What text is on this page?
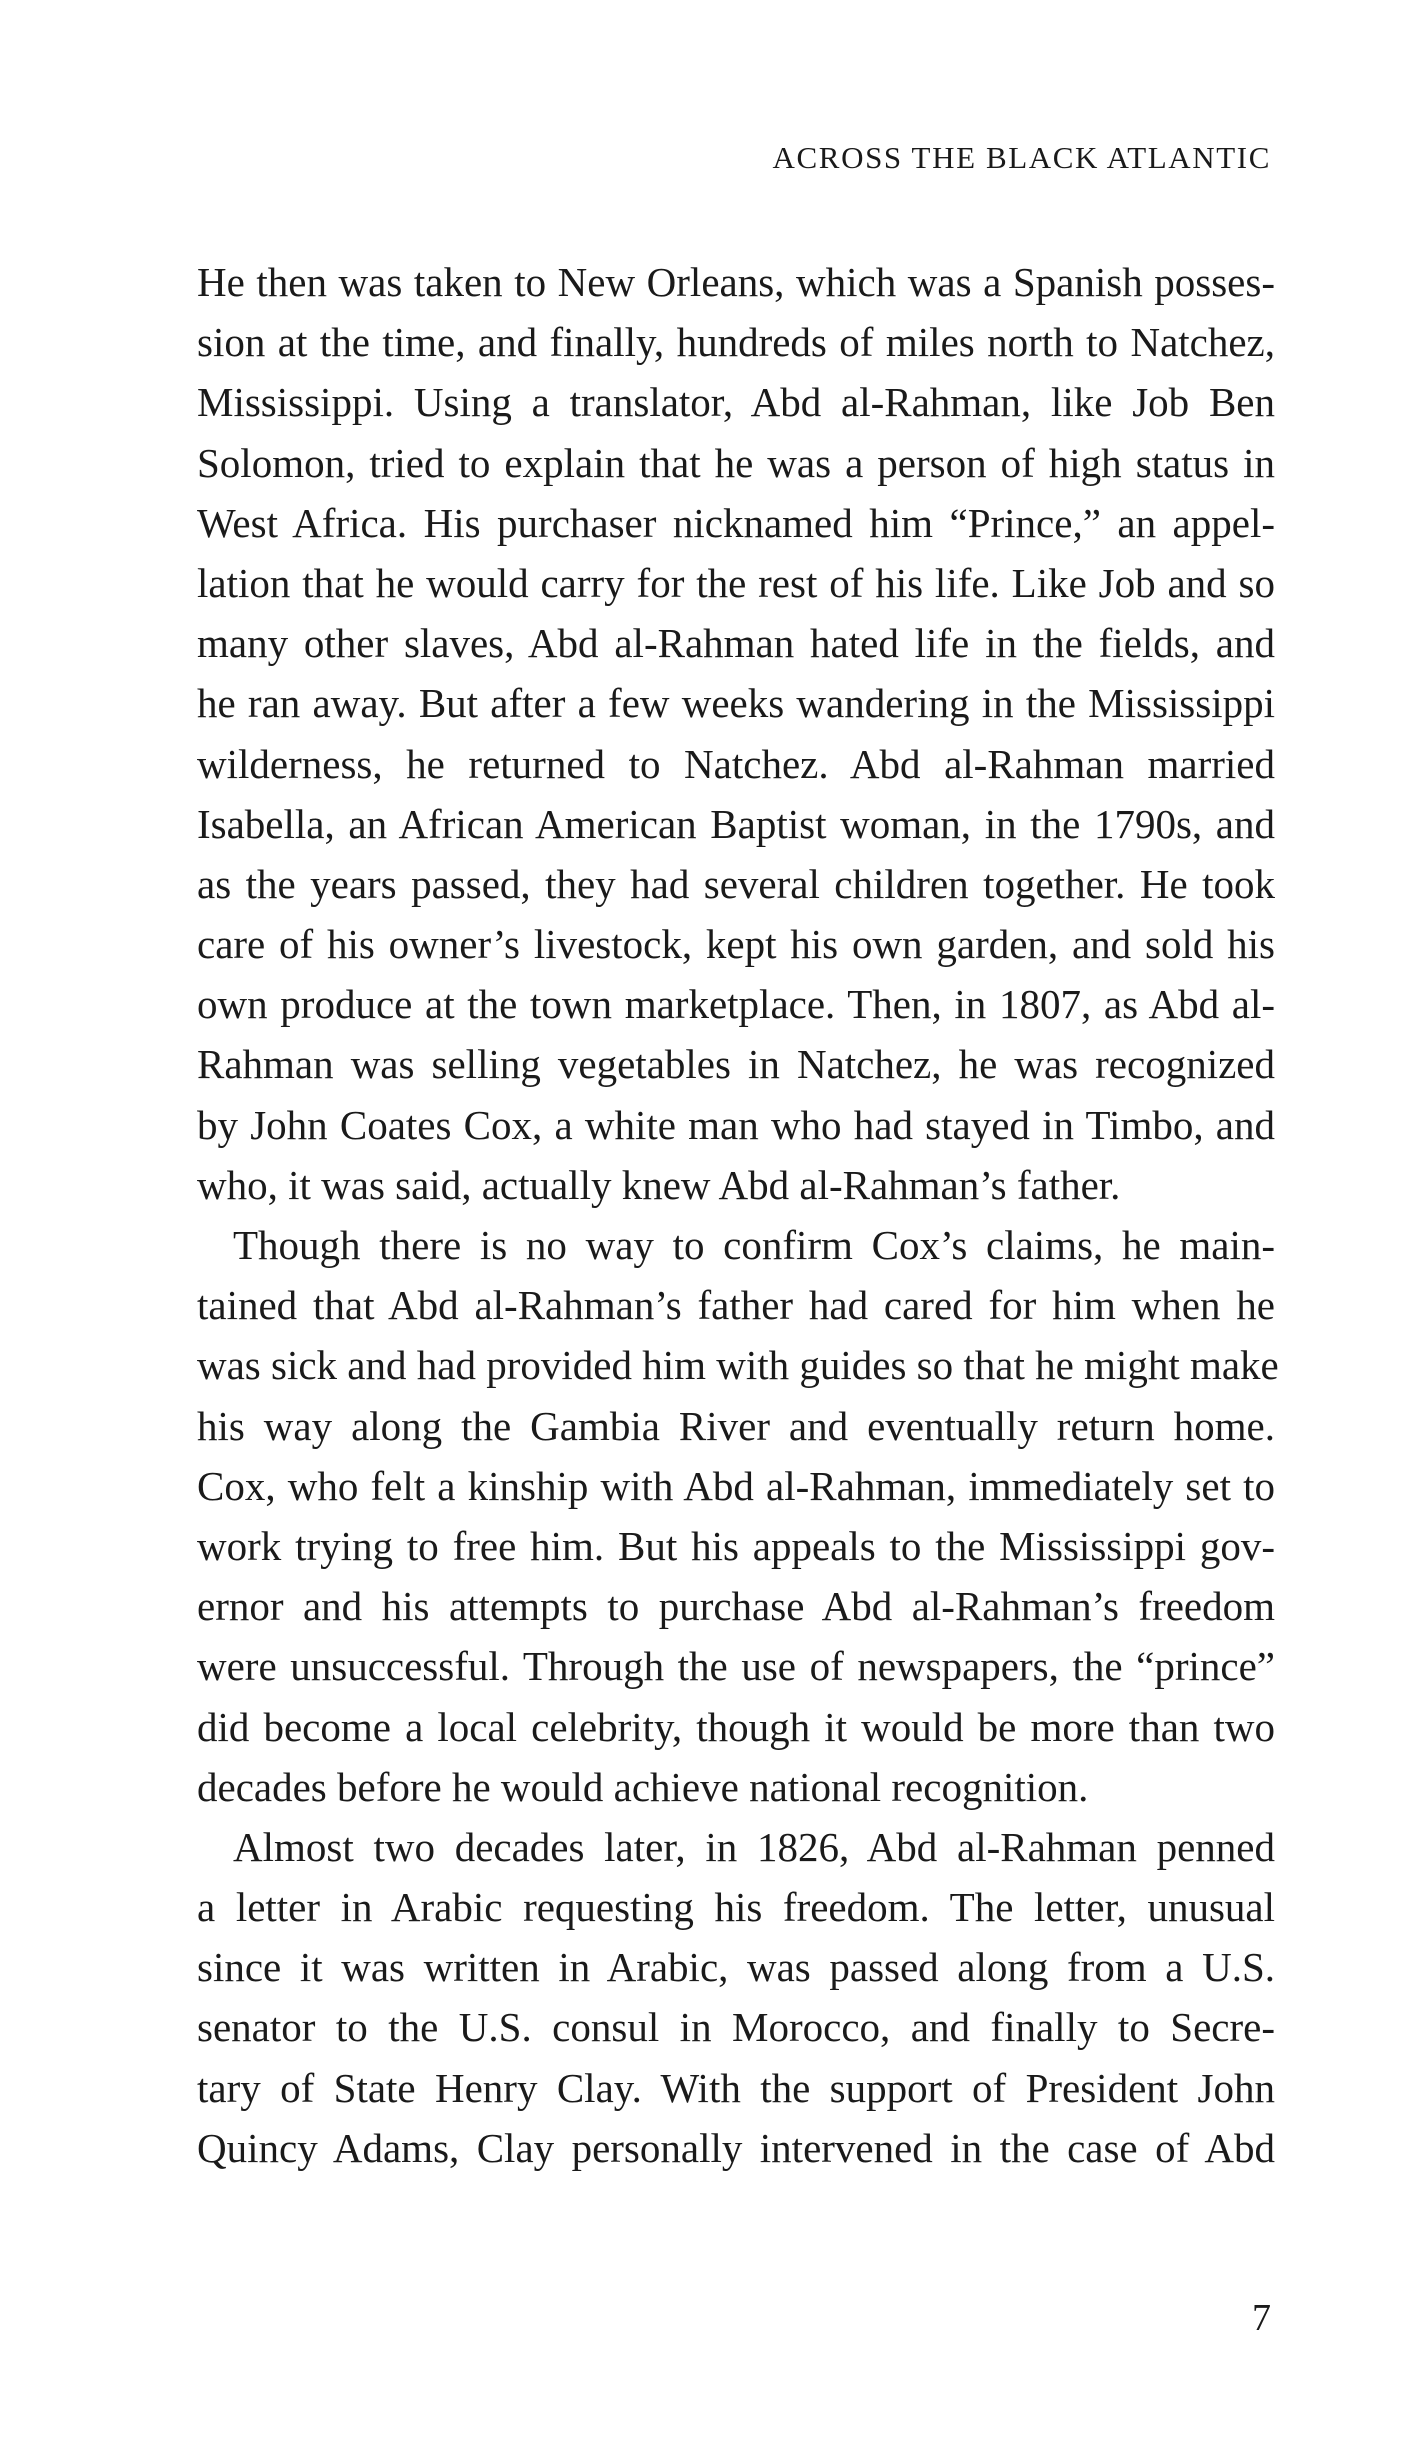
ACROSS THE BLACK ATLANTIC
He then was taken to New Orleans, which was a Spanish posses-
sion at the time, and finally, hundreds of miles north to Natchez,
Mississippi. Using a translator, Abd al-Rahman, like Job Ben
Solomon, tried to explain that he was a person of high status in
West Africa. His purchaser nicknamed him “Prince,” an appel-
lation that he would carry for the rest of his life. Like Job and so
many other slaves, Abd al-Rahman hated life in the fields, and
he ran away. But after a few weeks wandering in the Mississippi
wilderness, he returned to Natchez. Abd al-Rahman married
Isabella, an African American Baptist woman, in the 1790s, and
as the years passed, they had several children together. He took
care of his owner’s livestock, kept his own garden, and sold his
own produce at the town marketplace. Then, in 1807, as Abd al-
Rahman was selling vegetables in Natchez, he was recognized
by John Coates Cox, a white man who had stayed in Timbo, and
who, it was said, actually knew Abd al-Rahman’s father.
Though there is no way to confirm Cox’s claims, he main-
tained that Abd al-Rahman’s father had cared for him when he
was sick and had provided him with guides so that he might make
his way along the Gambia River and eventually return home.
Cox, who felt a kinship with Abd al-Rahman, immediately set to
work trying to free him. But his appeals to the Mississippi gov-
ernor and his attempts to purchase Abd al-Rahman’s freedom
were unsuccessful. Through the use of newspapers, the “prince”
did become a local celebrity, though it would be more than two
decades before he would achieve national recognition.
Almost two decades later, in 1826, Abd al-Rahman penned
a letter in Arabic requesting his freedom. The letter, unusual
since it was written in Arabic, was passed along from a U.S.
senator to the U.S. consul in Morocco, and finally to Secre-
tary of State Henry Clay. With the support of President John
Quincy Adams, Clay personally intervened in the case of Abd
7
